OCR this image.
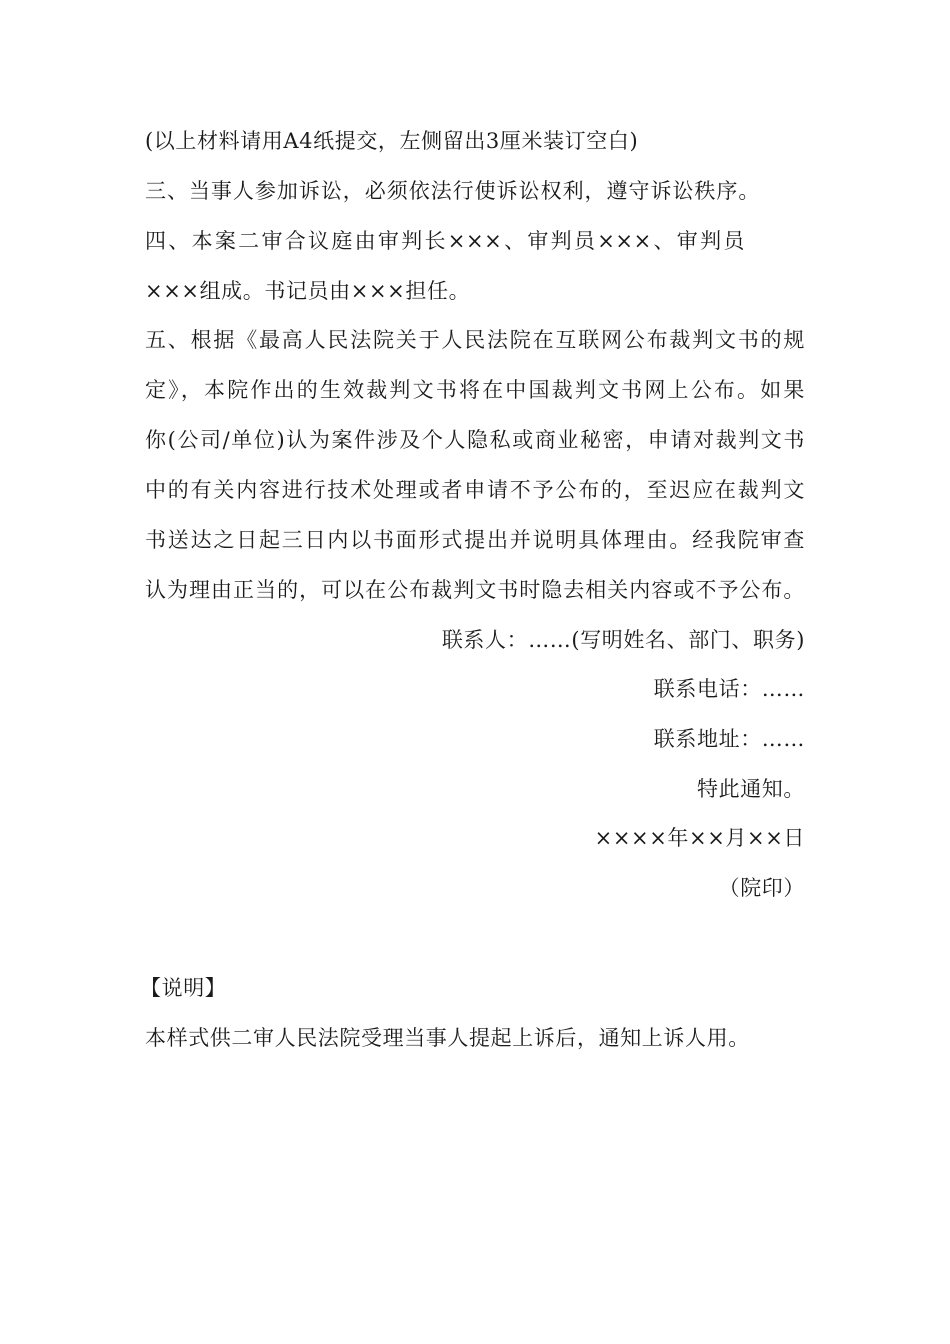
(以上材料请用A4纸提交，左侧留出3厘米装订空白)
三、当事人参加诉讼，必须依法行使诉讼权利，遵守诉讼秩序。
四、本案二审合议庭由审判长×××、审判员×××、审判员
×××组成。书记员由×××担任。
五、根据《最高人民法院关于人民法院在互联网公布裁判文书的规
定》，本院作出的生效裁判文书将在中国裁判文书网上公布。如果
你(公司/单位)认为案件涉及个人隐私或商业秘密，申请对裁判文书
中的有关内容进行技术处理或者申请不予公布的，至迟应在裁判文
书送达之日起三日内以书面形式提出并说明具体理由。经我院审查
认为理由正当的，可以在公布裁判文书时隐去相关内容或不予公布。
联系人：……(写明姓名、部门、职务)
联系电话：……
联系地址：……
特此通知。
××××年××月××日
（院印）
【说明】
本样式供二审人民法院受理当事人提起上诉后，通知上诉人用。
